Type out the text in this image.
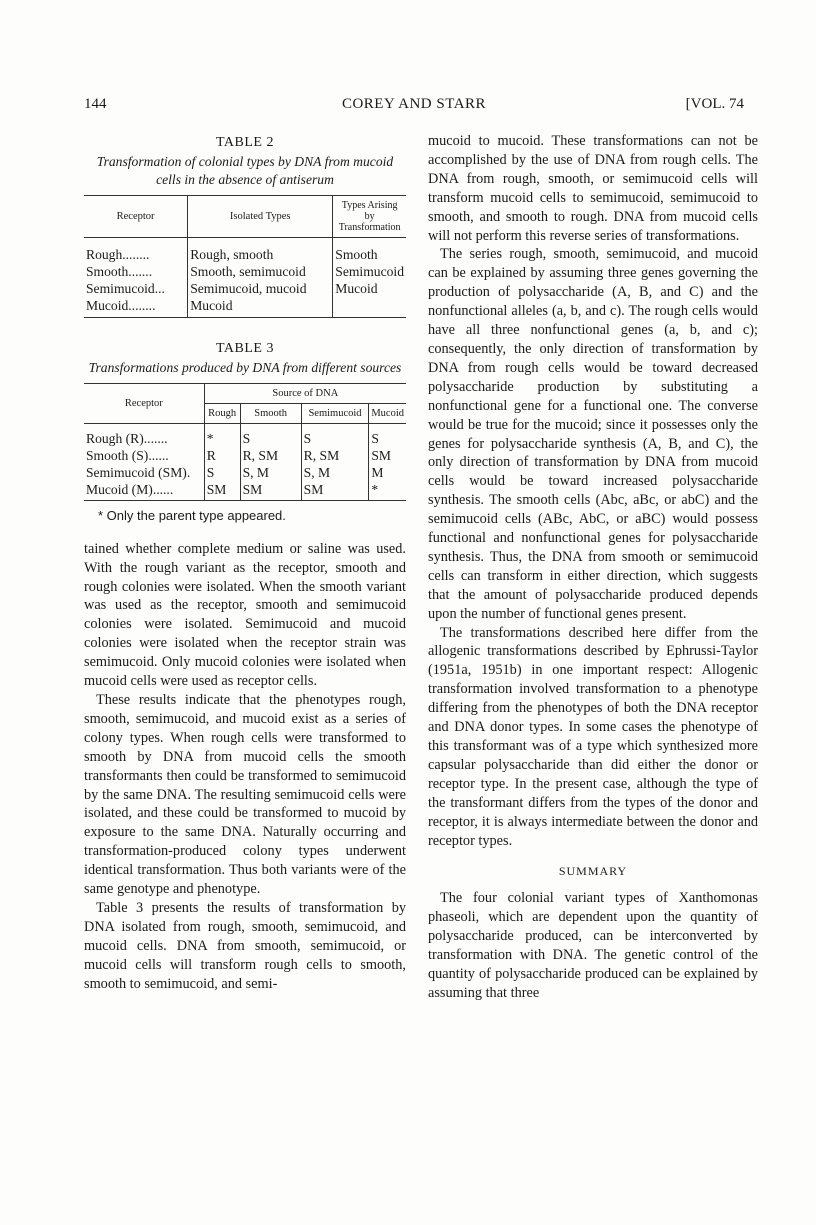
144	COREY AND STARR	[VOL. 74
TABLE 2
Transformation of colonial types by DNA from mucoid cells in the absence of antiserum
Receptor	Isolated Types	Types Arising by Transformation
Rough........	Rough, smooth	Smooth
Smooth.......	Smooth, semimucoid	Semimucoid
Semimucoid...	Semimucoid, mucoid	Mucoid
Mucoid........	Mucoid	
TABLE 3
Transformations produced by DNA from different sources
Receptor	Source of DNA			
	Rough	Smooth	Semimucoid	Mucoid
Rough (R).......	*	S	S	S
Smooth (S)......	R	R, SM	R, SM	SM
Semimucoid (SM).	S	S, M	S, M	M
Mucoid (M)......	SM	SM	SM	*
* Only the parent type appeared.

tained whether complete medium or saline was used. With the rough variant as the receptor, smooth and rough colonies were isolated. When the smooth variant was used as the receptor, smooth and semimucoid colonies were isolated. Semimucoid and mucoid colonies were isolated when the receptor strain was semimucoid. Only mucoid colonies were isolated when mucoid cells were used as receptor cells.

These results indicate that the phenotypes rough, smooth, semimucoid, and mucoid exist as a series of colony types. When rough cells were transformed to smooth by DNA from mucoid cells the smooth transformants then could be transformed to semimucoid by the same DNA. The resulting semimucoid cells were isolated, and these could be transformed to mucoid by exposure to the same DNA. Naturally occurring and transformation-produced colony types underwent identical transformation. Thus both variants were of the same genotype and phenotype.

Table 3 presents the results of transformation by DNA isolated from rough, smooth, semimucoid, and mucoid cells. DNA from smooth, semimucoid, or mucoid cells will transform rough cells to smooth, smooth to semimucoid, and semi-

mucoid to mucoid. These transformations can not be accomplished by the use of DNA from rough cells. The DNA from rough, smooth, or semimucoid cells will transform mucoid cells to semimucoid, semimucoid to smooth, and smooth to rough. DNA from mucoid cells will not perform this reverse series of transformations.

The series rough, smooth, semimucoid, and mucoid can be explained by assuming three genes governing the production of polysaccharide (A, B, and C) and the nonfunctional alleles (a, b, and c). The rough cells would have all three nonfunctional genes (a, b, and c); consequently, the only direction of transformation by DNA from rough cells would be toward decreased polysaccharide production by substituting a nonfunctional gene for a functional one. The converse would be true for the mucoid; since it possesses only the genes for polysaccharide synthesis (A, B, and C), the only direction of transformation by DNA from mucoid cells would be toward increased polysaccharide synthesis. The smooth cells (Abc, aBc, or abC) and the semimucoid cells (ABc, AbC, or aBC) would possess functional and nonfunctional genes for polysaccharide synthesis. Thus, the DNA from smooth or semimucoid cells can transform in either direction, which suggests that the amount of polysaccharide produced depends upon the number of functional genes present.

The transformations described here differ from the allogenic transformations described by Ephrussi-Taylor (1951a, 1951b) in one important respect: Allogenic transformation involved transformation to a phenotype differing from the phenotypes of both the DNA receptor and DNA donor types. In some cases the phenotype of this transformant was of a type which synthesized more capsular polysaccharide than did either the donor or receptor type. In the present case, although the type of the transformant differs from the types of the donor and receptor, it is always intermediate between the donor and receptor types.

SUMMARY

The four colonial variant types of Xanthomonas phaseoli, which are dependent upon the quantity of polysaccharide produced, can be interconverted by transformation with DNA. The genetic control of the quantity of polysaccharide produced can be explained by assuming that three
